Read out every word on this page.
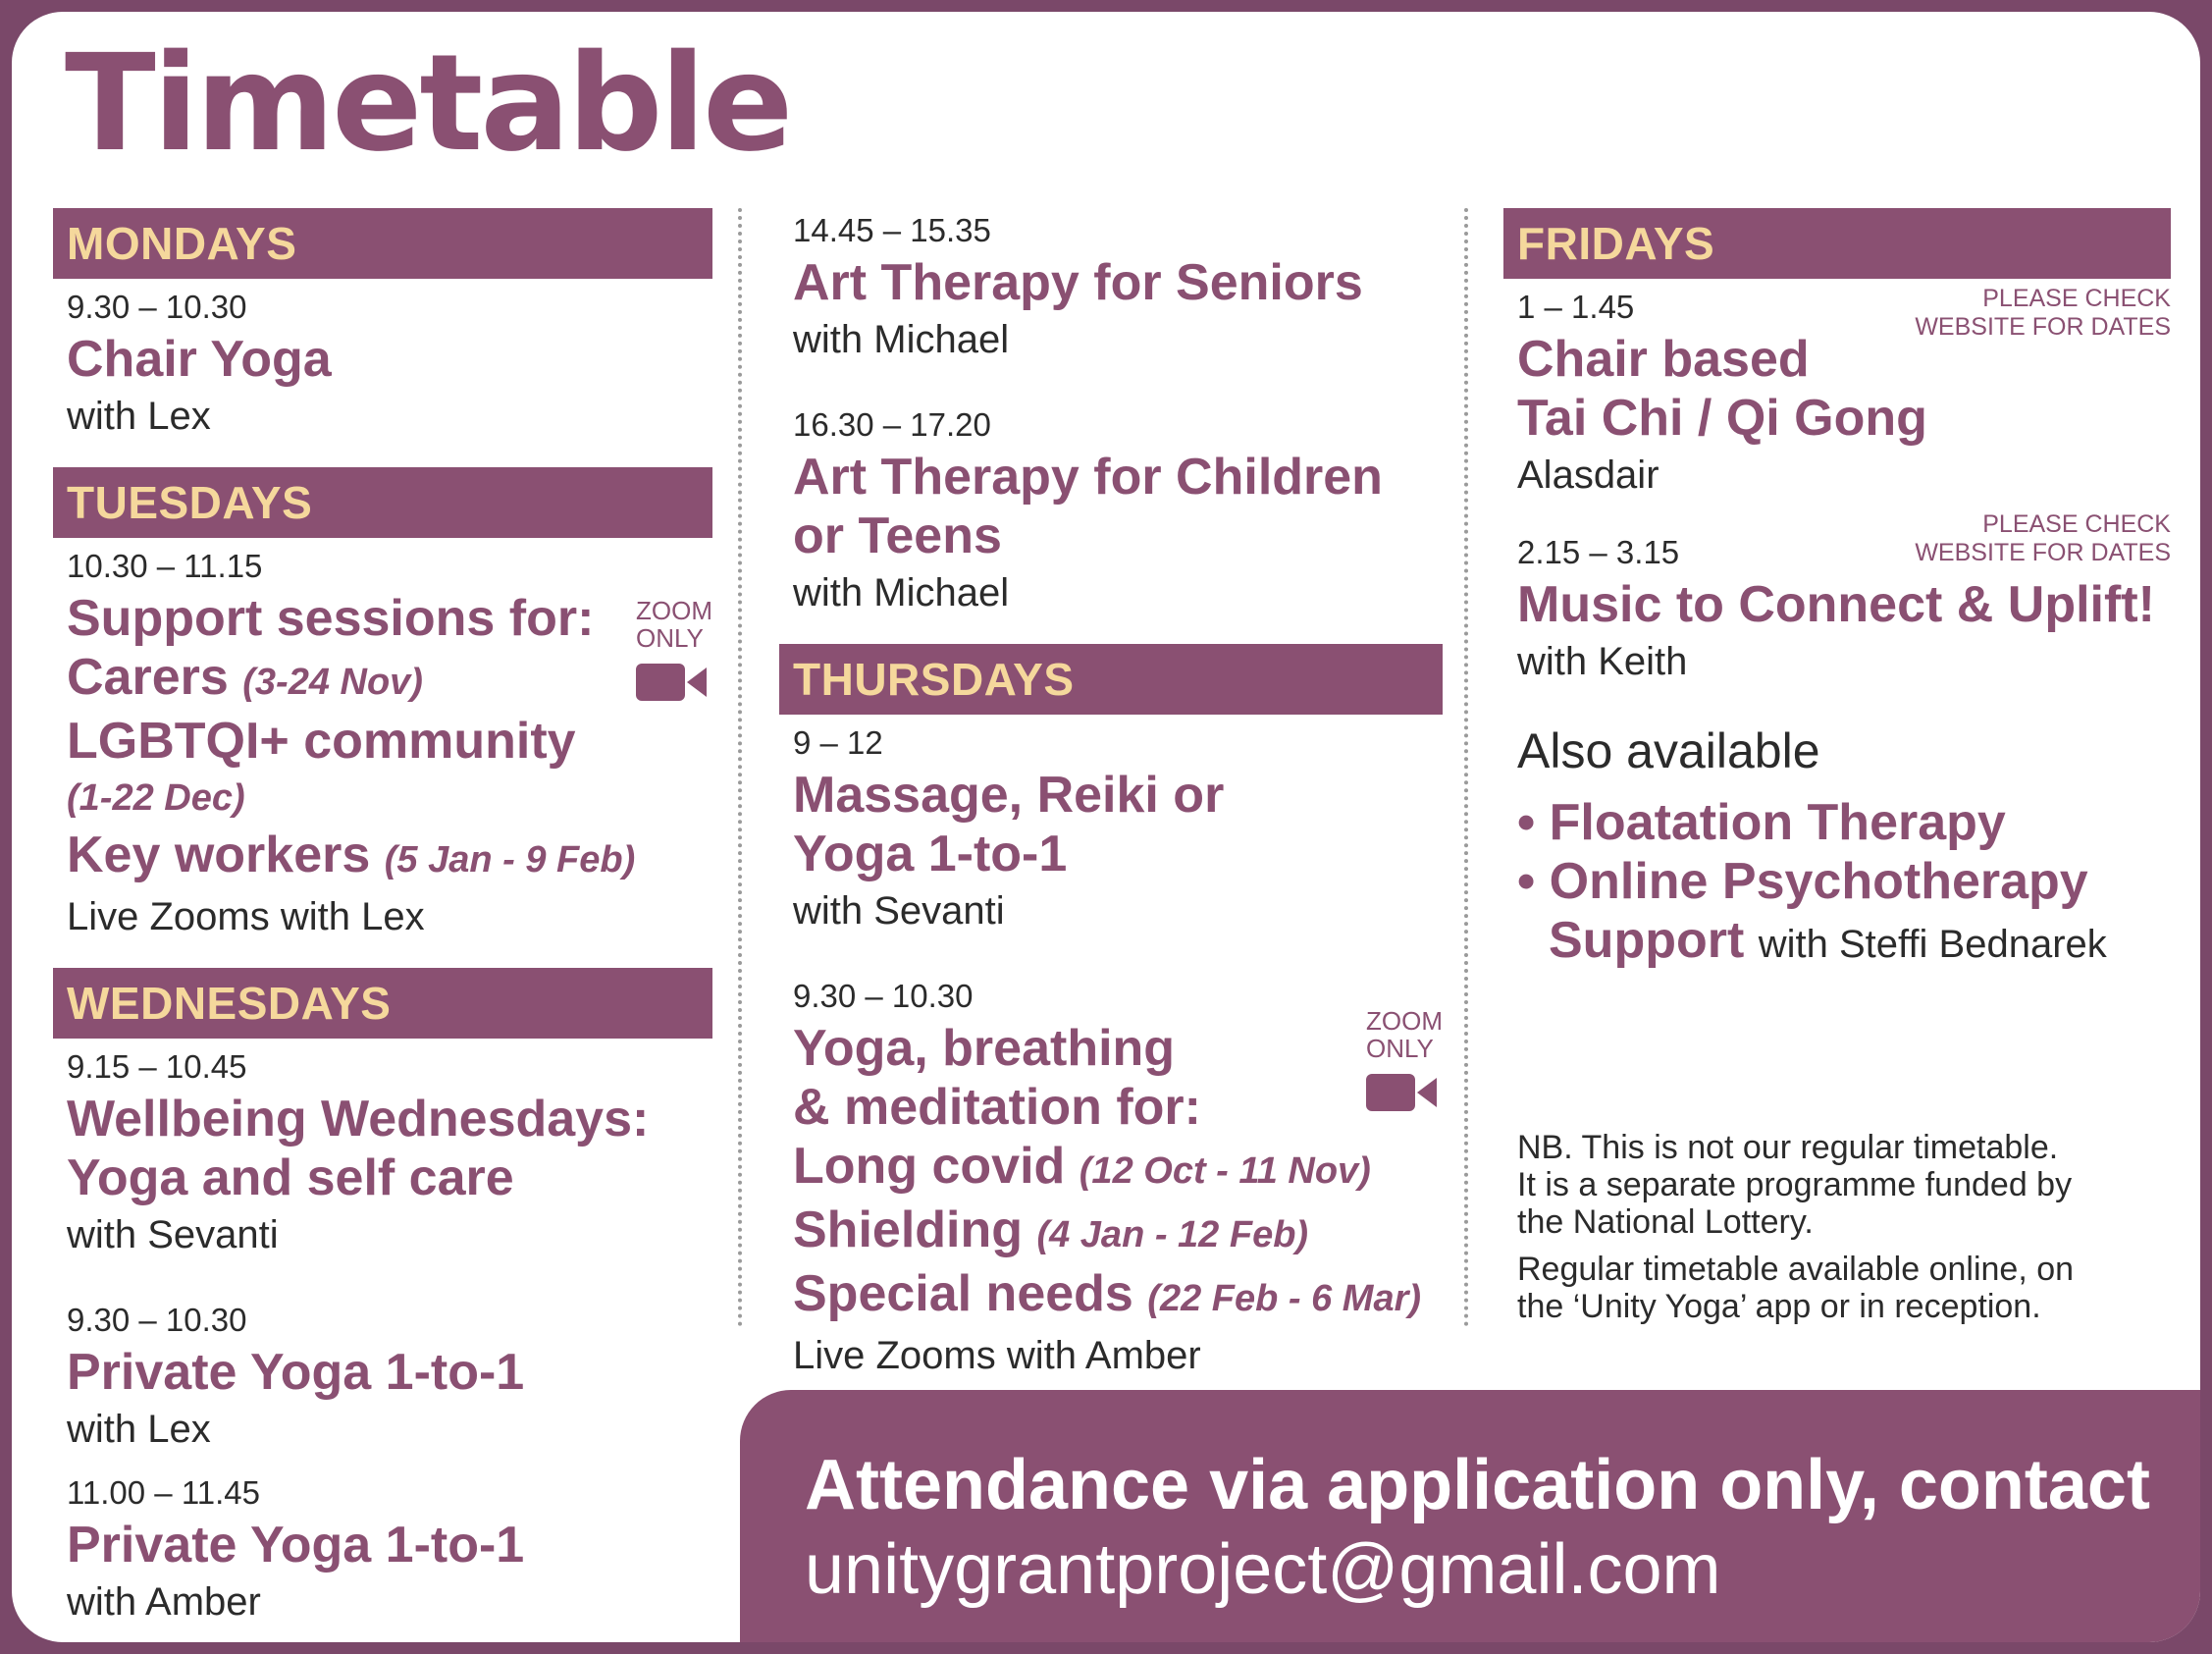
Timetable
MONDAYS
9.30 – 10.30
Chair Yoga
with Lex
TUESDAYS
10.30 – 11.15
Support sessions for:
Carers (3-24 Nov)
LGBTQI+ community
(1-22 Dec)
Key workers (5 Jan - 9 Feb)
Live Zooms with Lex
ZOOM
ONLY
WEDNESDAYS
9.15 – 10.45
Wellbeing Wednesdays:
Yoga and self care
with Sevanti
9.30 – 10.30
Private Yoga 1-to-1
with Lex
11.00 – 11.45
Private Yoga 1-to-1
with Amber
14.45 – 15.35
Art Therapy for Seniors
with Michael
16.30 – 17.20
Art Therapy for Children
or Teens
with Michael
THURSDAYS
9 – 12
Massage, Reiki or
Yoga 1-to-1
with Sevanti
9.30 – 10.30
Yoga, breathing
& meditation for:
Long covid (12 Oct - 11 Nov)
Shielding (4 Jan - 12 Feb)
Special needs (22 Feb - 6 Mar)
Live Zooms with Amber
ZOOM
ONLY
FRIDAYS
1 – 1.45
Chair based
Tai Chi / Qi Gong
Alasdair
PLEASE CHECK
WEBSITE FOR DATES
2.15 – 3.15
Music to Connect & Uplift!
with Keith
PLEASE CHECK
WEBSITE FOR DATES
Also available
• Floatation Therapy
• Online Psychotherapy
Support with Steffi Bednarek
NB. This is not our regular timetable.
It is a separate programme funded by
the National Lottery.
Regular timetable available online, on
the ‘Unity Yoga’ app or in reception.
Attendance via application only, contact
unitygrantproject@gmail.com
